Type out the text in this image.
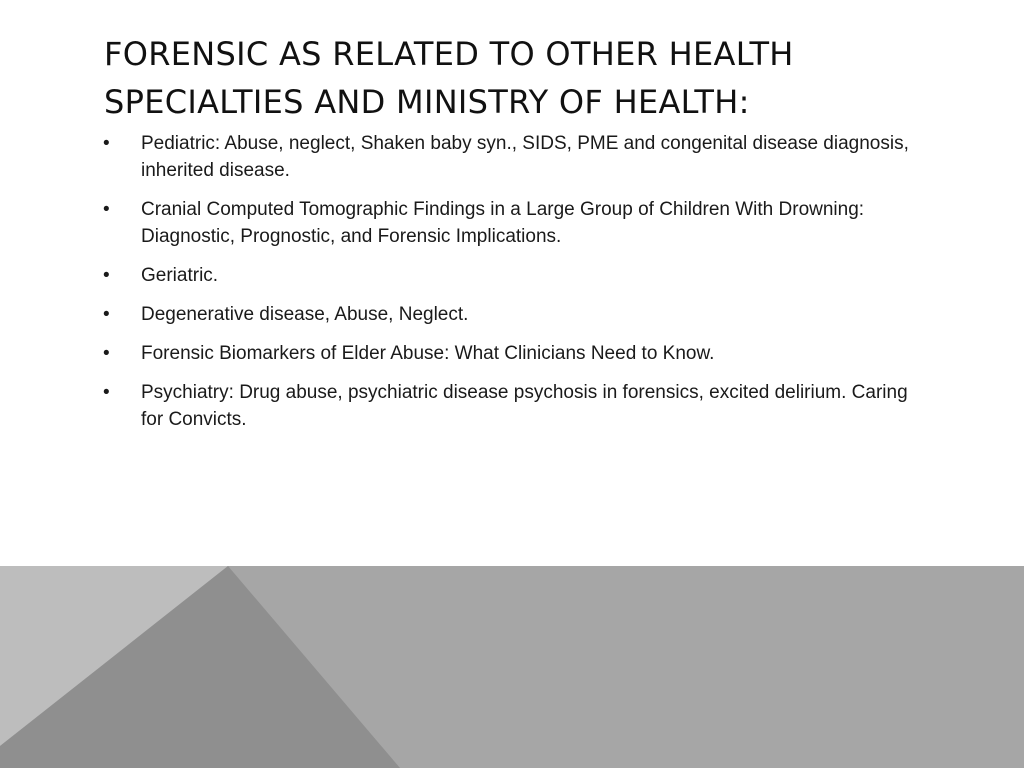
FORENSIC AS RELATED TO OTHER HEALTH SPECIALTIES AND MINISTRY OF HEALTH:
•	Pediatric: Abuse, neglect, Shaken baby syn., SIDS, PME and congenital disease diagnosis, inherited disease.
•	Cranial Computed Tomographic Findings in a Large Group of Children With Drowning: Diagnostic, Prognostic, and Forensic Implications.
•	Geriatric.
•	Degenerative disease, Abuse, Neglect.
•	Forensic Biomarkers of Elder Abuse: What Clinicians Need to Know.
•	Psychiatry: Drug abuse, psychiatric disease psychosis in forensics, excited delirium. Caring for Convicts.
